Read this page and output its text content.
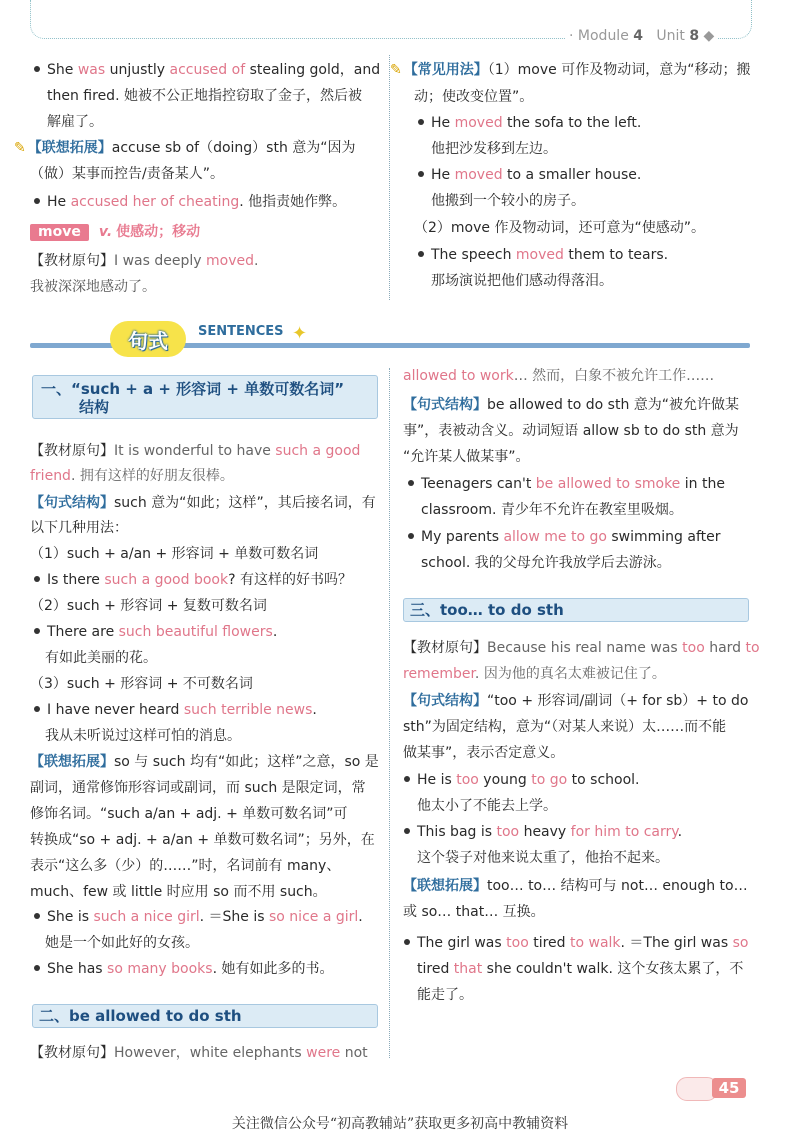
· Module 4 Unit 8 ◆
She was unjustly accused of stealing gold，and
then fired. 她被不公正地指控窃取了金子，然后被
解雇了。
✎ 【联想拓展】accuse sb of（doing）sth 意为“因为
（做）某事而控告/责备某人”。
He accused her of cheating. 他指责她作弊。
move v. 使感动；移动
【教材原句】I was deeply moved.
我被深深地感动了。
✎ 【常见用法】（1）move 可作及物动词，意为“移动；搬
动；使改变位置”。
He moved the sofa to the left.
他把沙发移到左边。
He moved to a smaller house.
他搬到一个较小的房子。
（2）move 作及物动词，还可意为“使感动”。
The speech moved them to tears.
那场演说把他们感动得落泪。
句式	SENTENCES ✦
一、“such + a + 形容词 + 单数可数名词”
结构
【教材原句】It is wonderful to have such a good
friend. 拥有这样的好朋友很棒。
【句式结构】such 意为“如此；这样”，其后接名词，有
以下几种用法：
（1）such + a/an + 形容词 + 单数可数名词
Is there such a good book? 有这样的好书吗？
（2）such + 形容词 + 复数可数名词
There are such beautiful flowers.
有如此美丽的花。
（3）such + 形容词 + 不可数名词
I have never heard such terrible news.
我从未听说过这样可怕的消息。
【联想拓展】so 与 such 均有“如此；这样”之意，so 是
副词，通常修饰形容词或副词，而 such 是限定词，常
修饰名词。“such a/an + adj. + 单数可数名词”可
转换成“so + adj. + a/an + 单数可数名词”；另外，在
表示“这么多（少）的……”时，名词前有 many、
much、few 或 little 时应用 so 而不用 such。
She is such a nice girl. ＝She is so nice a girl.
她是一个如此好的女孩。
She has so many books. 她有如此多的书。
二、be allowed to do sth
【教材原句】However，white elephants were not
allowed to work… 然而，白象不被允许工作……
【句式结构】be allowed to do sth 意为“被允许做某
事”，表被动含义。动词短语 allow sb to do sth 意为
“允许某人做某事”。
Teenagers can't be allowed to smoke in the
classroom. 青少年不允许在教室里吸烟。
My parents allow me to go swimming after
school. 我的父母允许我放学后去游泳。
三、too… to do sth
【教材原句】Because his real name was too hard to
remember. 因为他的真名太难被记住了。
【句式结构】“too + 形容词/副词（+ for sb）+ to do
sth”为固定结构，意为“（对某人来说）太……而不能
做某事”，表示否定意义。
He is too young to go to school.
他太小了不能去上学。
This bag is too heavy for him to carry.
这个袋子对他来说太重了，他抬不起来。
【联想拓展】too… to… 结构可与 not… enough to…
或 so… that… 互换。
The girl was too tired to walk. ＝The girl was so
tired that she couldn't walk. 这个女孩太累了，不
能走了。
45
关注微信公众号“初高教辅站”获取更多初高中教辅资料
